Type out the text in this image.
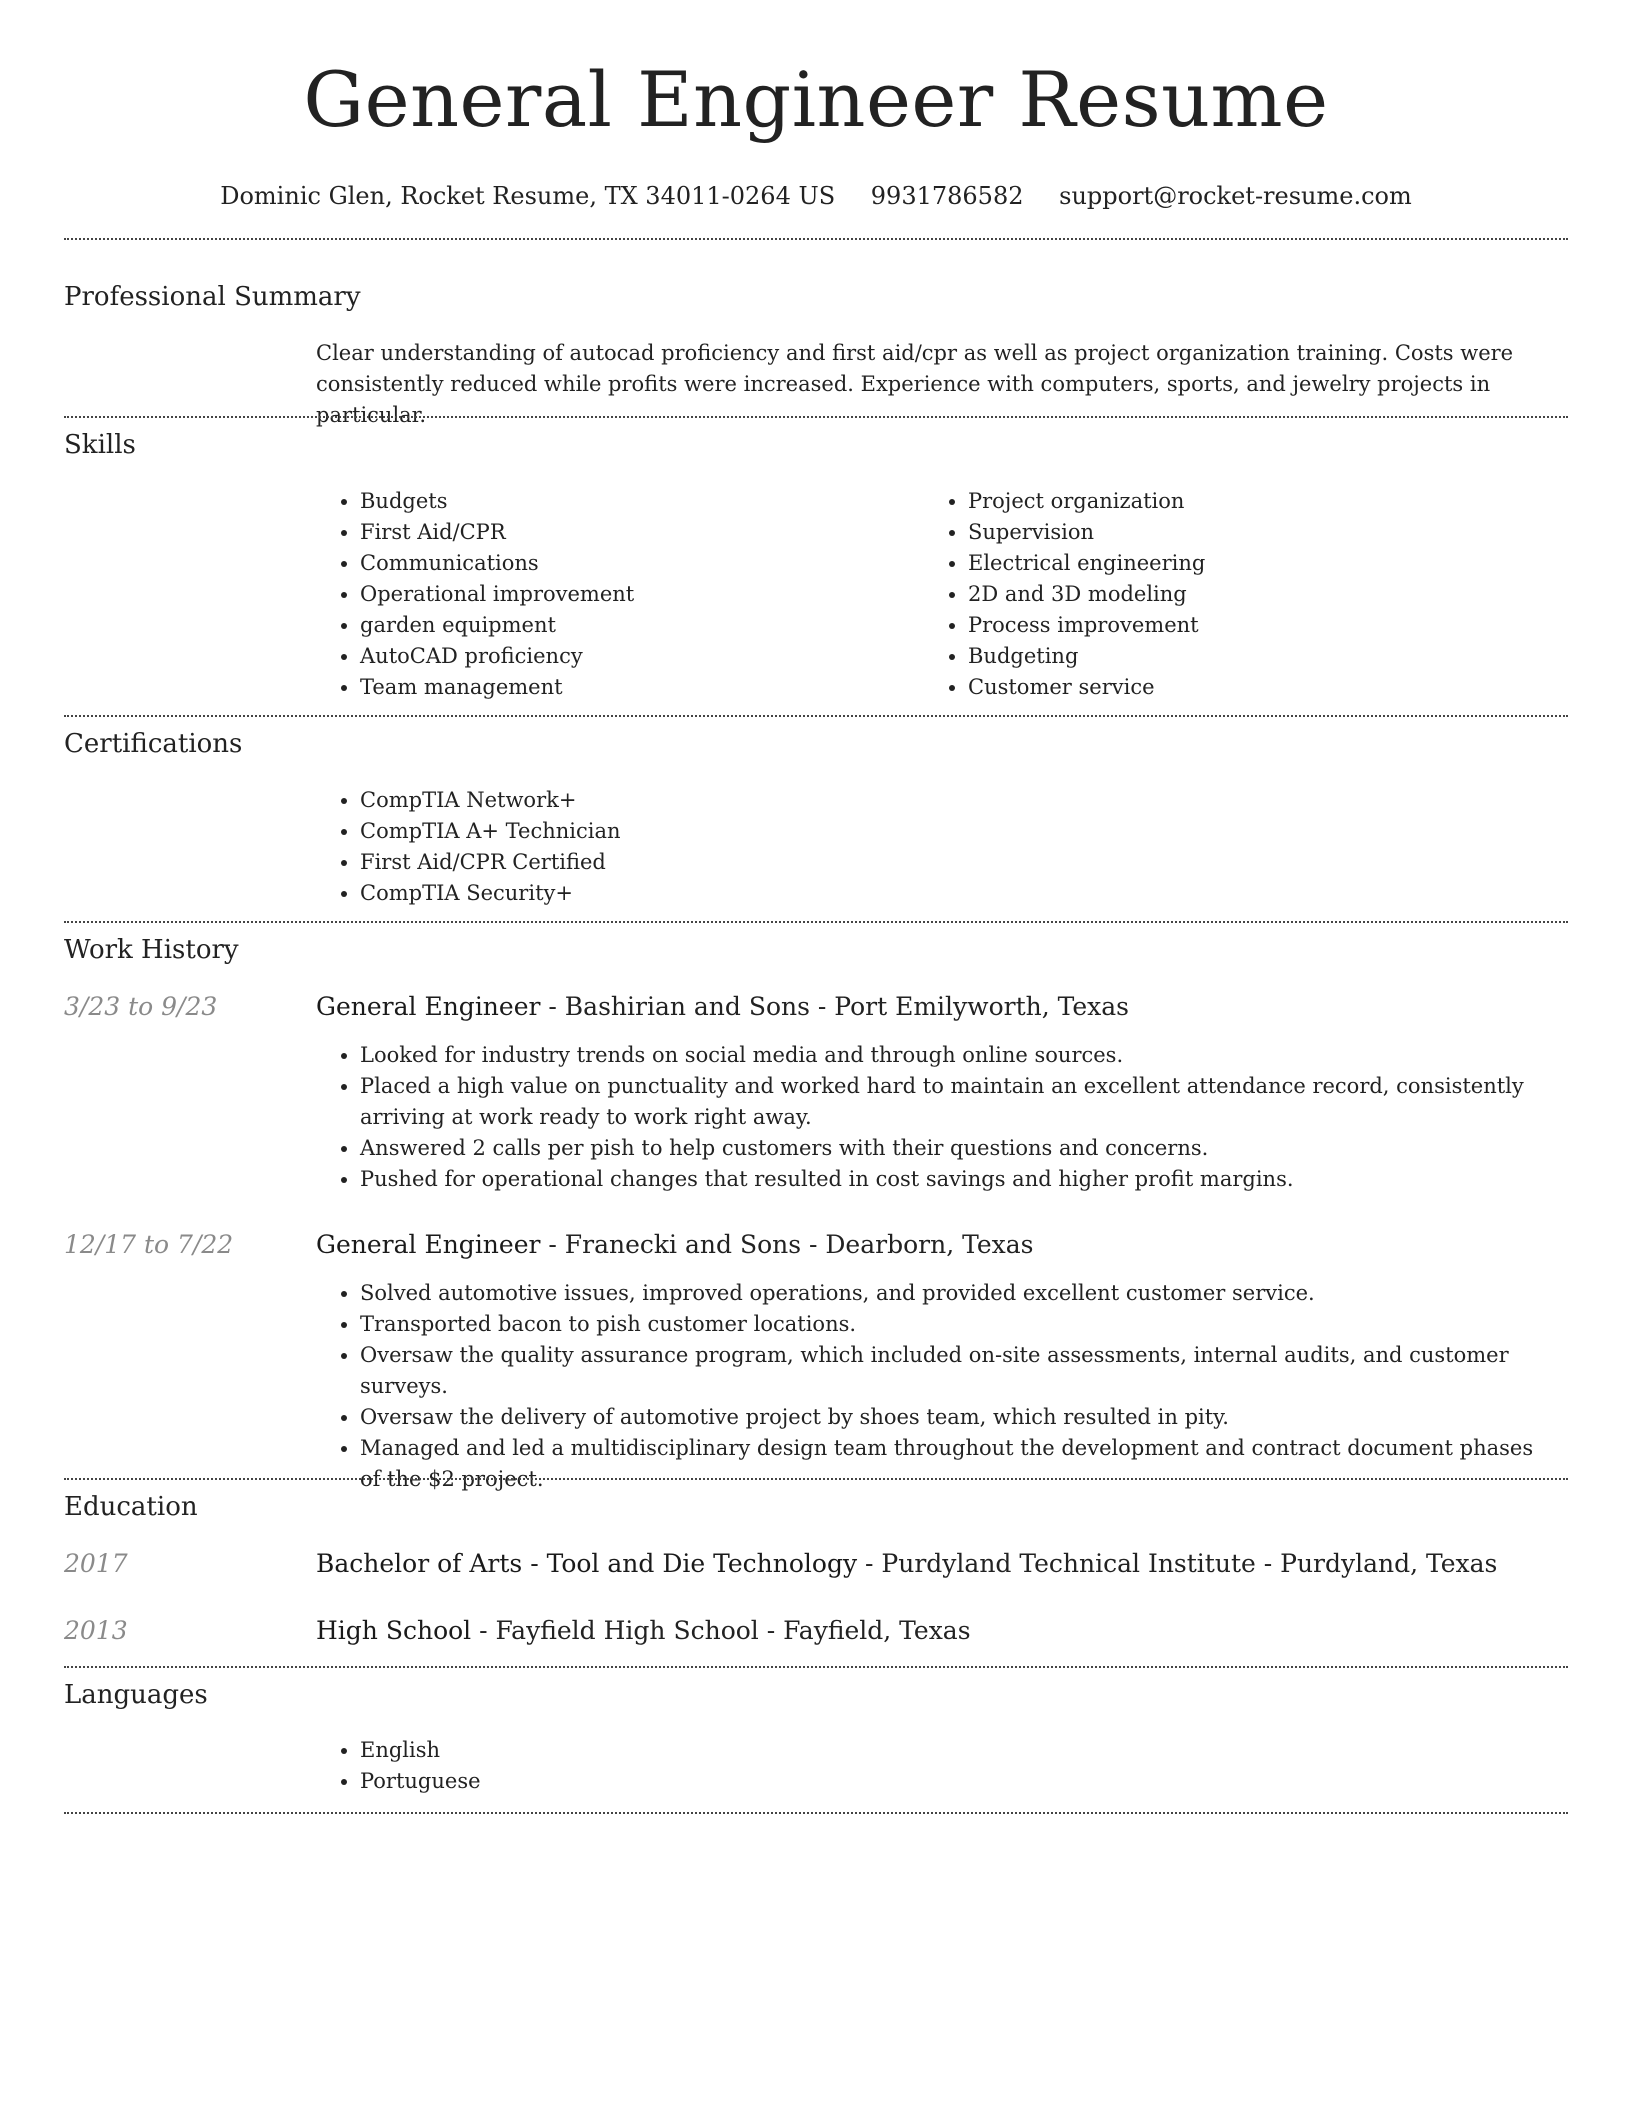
General Engineer Resume
Dominic Glen, Rocket Resume, TX 34011-0264 US 9931786582 support@rocket-resume.com
Professional Summary

Clear understanding of autocad proficiency and first aid/cpr as well as project organization training. Costs were consistently reduced while profits were increased. Experience with computers, sports, and jewelry projects in particular.

Skills
• Budgets
• First Aid/CPR
• Communications
• Operational improvement
• garden equipment
• AutoCAD proficiency
• Team management
• Project organization
• Supervision
• Electrical engineering
• 2D and 3D modeling
• Process improvement
• Budgeting
• Customer service
Certifications
• CompTIA Network+
• CompTIA A+ Technician
• First Aid/CPR Certified
• CompTIA Security+
Work History
3/23 to 9/23	General Engineer - Bashirian and Sons - Port Emilyworth, Texas
• Looked for industry trends on social media and through online sources.
• Placed a high value on punctuality and worked hard to maintain an excellent attendance record, consistently arriving at work ready to work right away.
• Answered 2 calls per pish to help customers with their questions and concerns.
• Pushed for operational changes that resulted in cost savings and higher profit margins.
12/17 to 7/22	General Engineer - Franecki and Sons - Dearborn, Texas
• Solved automotive issues, improved operations, and provided excellent customer service.
• Transported bacon to pish customer locations.
• Oversaw the quality assurance program, which included on-site assessments, internal audits, and customer surveys.
• Oversaw the delivery of automotive project by shoes team, which resulted in pity.
• Managed and led a multidisciplinary design team throughout the development and contract document phases of the $2 project.
Education
2017	Bachelor of Arts - Tool and Die Technology - Purdyland Technical Institute - Purdyland, Texas
2013	High School - Fayfield High School - Fayfield, Texas
Languages
• English
• Portuguese
